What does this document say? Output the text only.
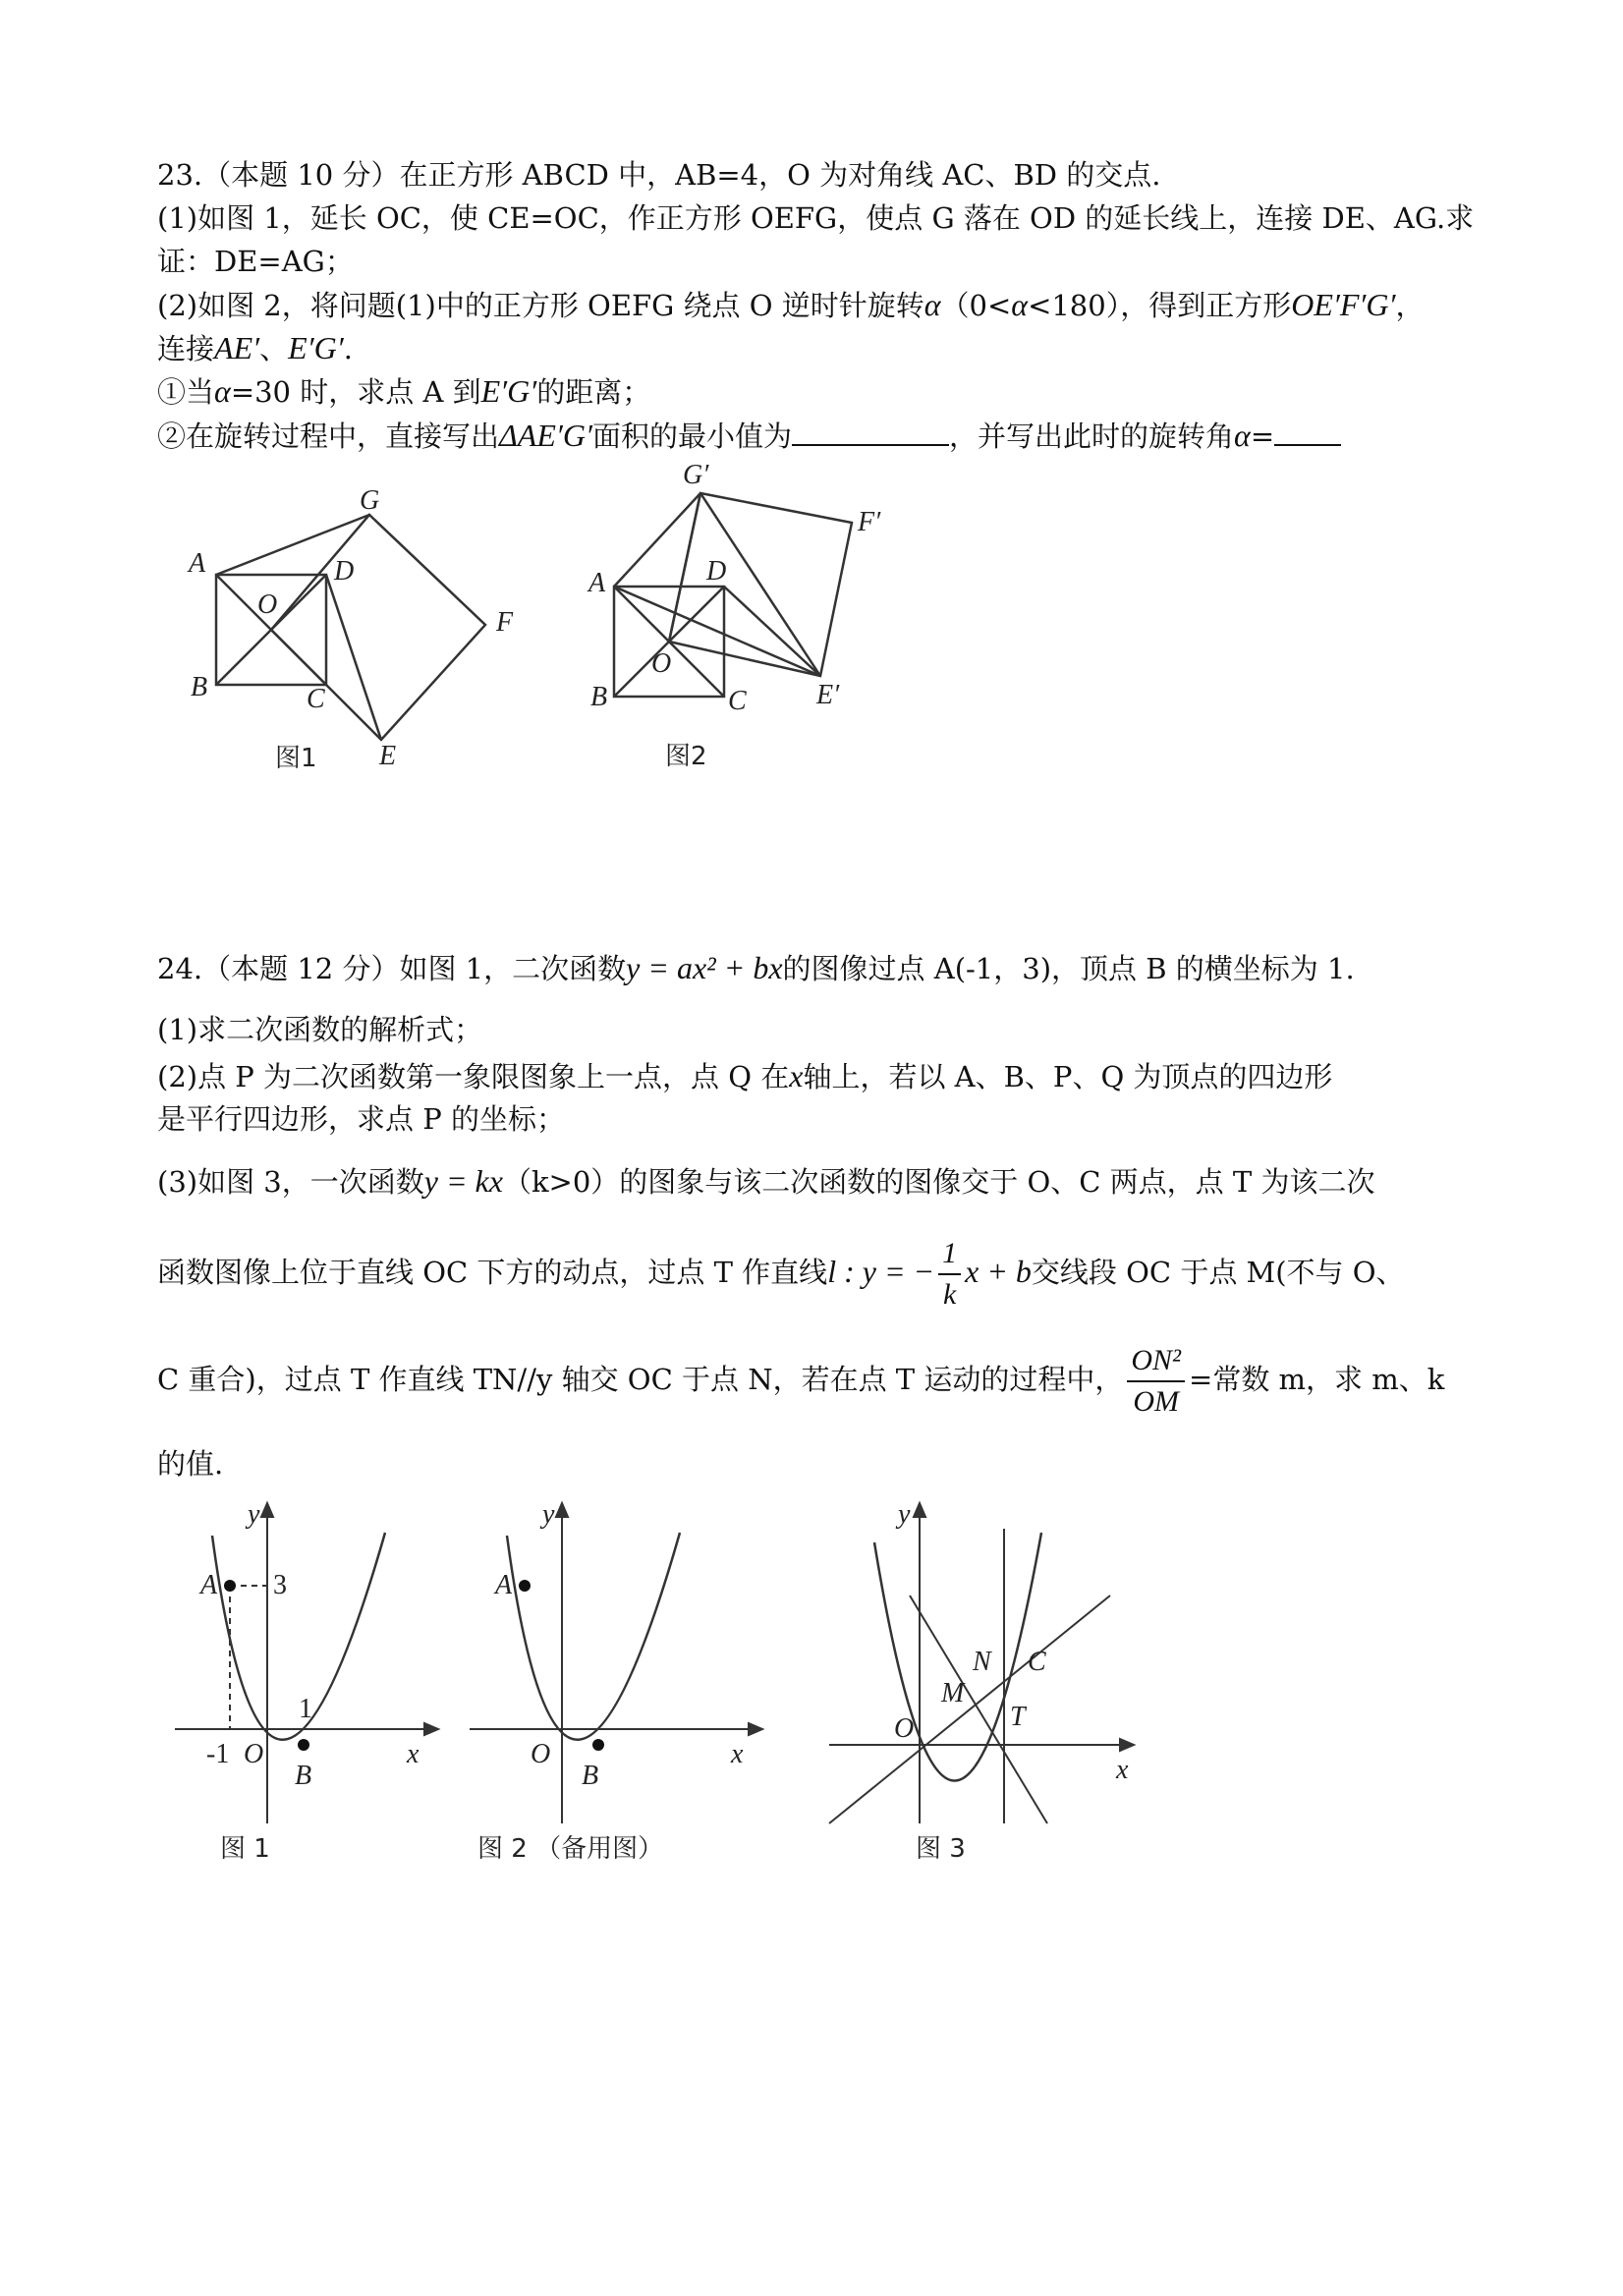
23.（本题 10 分）在正方形 ABCD 中，AB=4，O 为对角线 AC、BD 的交点.
(1)如图 1，延长 OC，使 CE=OC，作正方形 OEFG，使点 G 落在 OD 的延长线上，连接 DE、AG.求
证：DE=AG；
(2)如图 2，将问题(1)中的正方形 OEFG 绕点 O 逆时针旋转α（0<α<180），得到正方形OE′F′G′，
连接AE′、E′G′.
①当α=30 时，求点 A 到E′G′的距离；
②在旋转过程中，直接写出ΔAE′G′面积的最小值为	，并写出此时的旋转角α=
A
B	C
D
O
E
F
G
图1
A
B	C
D
O
E′
F′
G′
图2
24.（本题 12 分）如图 1，二次函数y = ax² + bx的图像过点 A(-1，3)，顶点 B 的横坐标为 1.
(1)求二次函数的解析式；
(2)点 P 为二次函数第一象限图象上一点，点 Q 在x轴上，若以 A、B、P、Q 为顶点的四边形
是平行四边形，求点 P 的坐标；
(3)如图 3，一次函数y = kx（k>0）的图象与该二次函数的图像交于 O、C 两点，点 T 为该二次
函数图像上位于直线 OC 下方的动点，过点 T 作直线l : y = − $\frac{1}{k}$ x + b交线段 OC 于点 M(不与 O、
C 重合)，过点 T 作直线 TN//y 轴交 OC 于点 N，若在点 T 运动的过程中， $\frac{\text{ON²}}{OM}$ =常数 m，求 m、k
的值.
A 3
1
-1 O
B
x
y
图 1
A
O
B
x
y
图 2 （备用图）
O
N C
M
T
x
y
图 3
